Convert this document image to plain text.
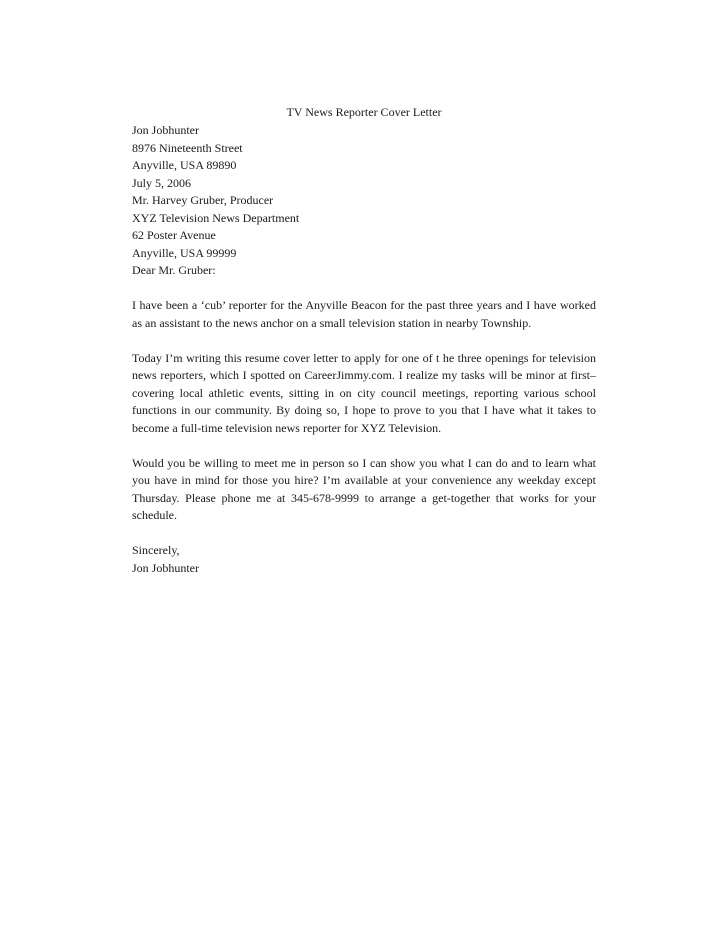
TV News Reporter Cover Letter
Jon Jobhunter
8976 Nineteenth Street
Anyville, USA 89890
July 5, 2006
Mr. Harvey Gruber, Producer
XYZ Television News Department
62 Poster Avenue
Anyville, USA 99999
Dear Mr. Gruber:

I have been a ‘cub’ reporter for the Anyville Beacon for the past three years and I have worked as an assistant to the news anchor on a small television station in nearby Township.

Today I’m writing this resume cover letter to apply for one of t he three openings for television news reporters, which I spotted on CareerJimmy.com. I realize my tasks will be minor at first–covering local athletic events, sitting in on city council meetings, reporting various school functions in our community. By doing so, I hope to prove to you that I have what it takes to become a full-time television news reporter for XYZ Television.

Would you be willing to meet me in person so I can show you what I can do and to learn what you have in mind for those you hire? I’m available at your convenience any weekday except Thursday. Please phone me at 345-678-9999 to arrange a get-together that works for your schedule.

Sincerely,
Jon Jobhunter
